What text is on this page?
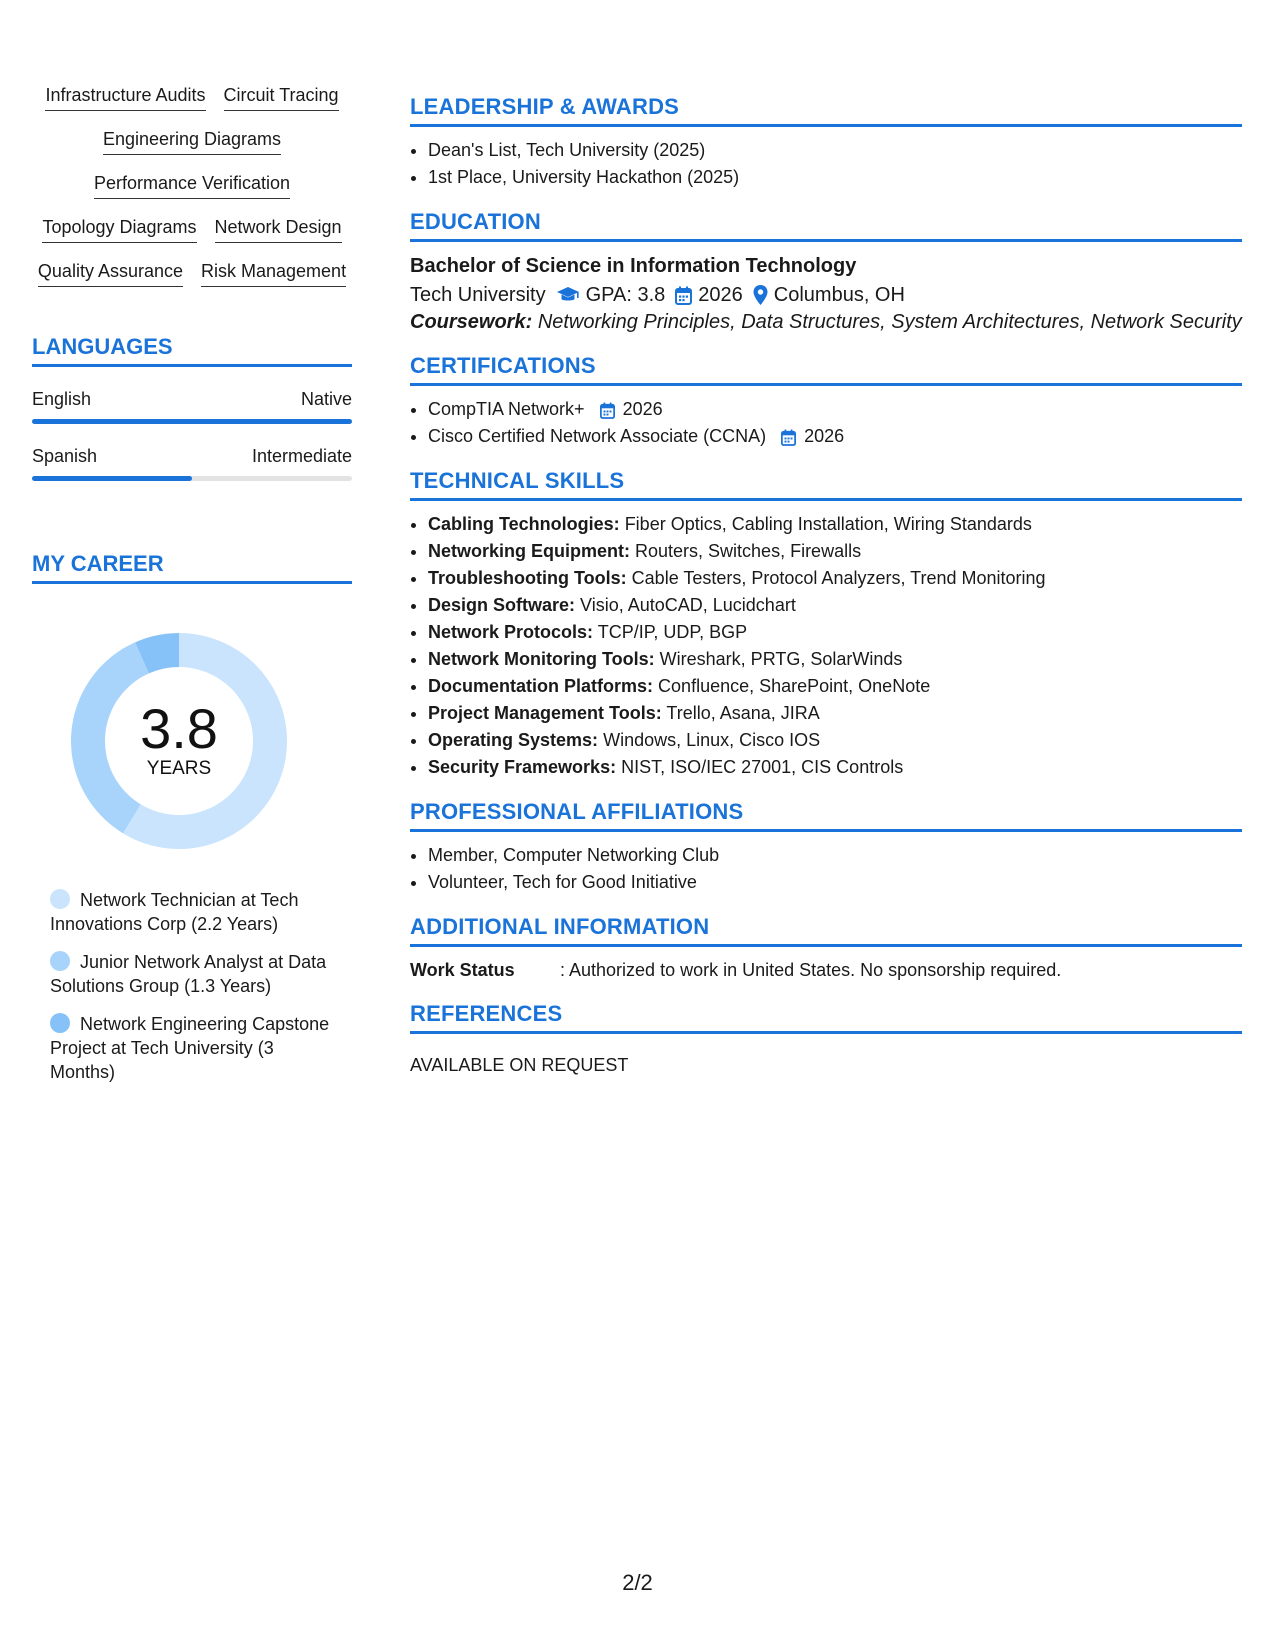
Infrastructure Audits Circuit Tracing
Engineering Diagrams
Performance Verification
Topology Diagrams Network Design
Quality Assurance Risk Management
LANGUAGES
English	Native
Spanish	Intermediate
MY CAREER
3.8
YEARS
Network Technician at Tech Innovations Corp (2.2 Years)
Junior Network Analyst at Data Solutions Group (1.3 Years)
Network Engineering Capstone Project at Tech University (3 Months)
LEADERSHIP & AWARDS
• Dean's List, Tech University (2025)
• 1st Place, University Hackathon (2025)
EDUCATION
Bachelor of Science in Information Technology
Tech University GPA: 3.8 2026 Columbus, OH
Coursework: Networking Principles, Data Structures, System Architectures, Network Security
CERTIFICATIONS
• CompTIA Network+ 2026
• Cisco Certified Network Associate (CCNA) 2026
TECHNICAL SKILLS
• Cabling Technologies: Fiber Optics, Cabling Installation, Wiring Standards
• Networking Equipment: Routers, Switches, Firewalls
• Troubleshooting Tools: Cable Testers, Protocol Analyzers, Trend Monitoring
• Design Software: Visio, AutoCAD, Lucidchart
• Network Protocols: TCP/IP, UDP, BGP
• Network Monitoring Tools: Wireshark, PRTG, SolarWinds
• Documentation Platforms: Confluence, SharePoint, OneNote
• Project Management Tools: Trello, Asana, JIRA
• Operating Systems: Windows, Linux, Cisco IOS
• Security Frameworks: NIST, ISO/IEC 27001, CIS Controls
PROFESSIONAL AFFILIATIONS
• Member, Computer Networking Club
• Volunteer, Tech for Good Initiative
ADDITIONAL INFORMATION
Work Status	: Authorized to work in United States. No sponsorship required.
REFERENCES
AVAILABLE ON REQUEST
2/2
